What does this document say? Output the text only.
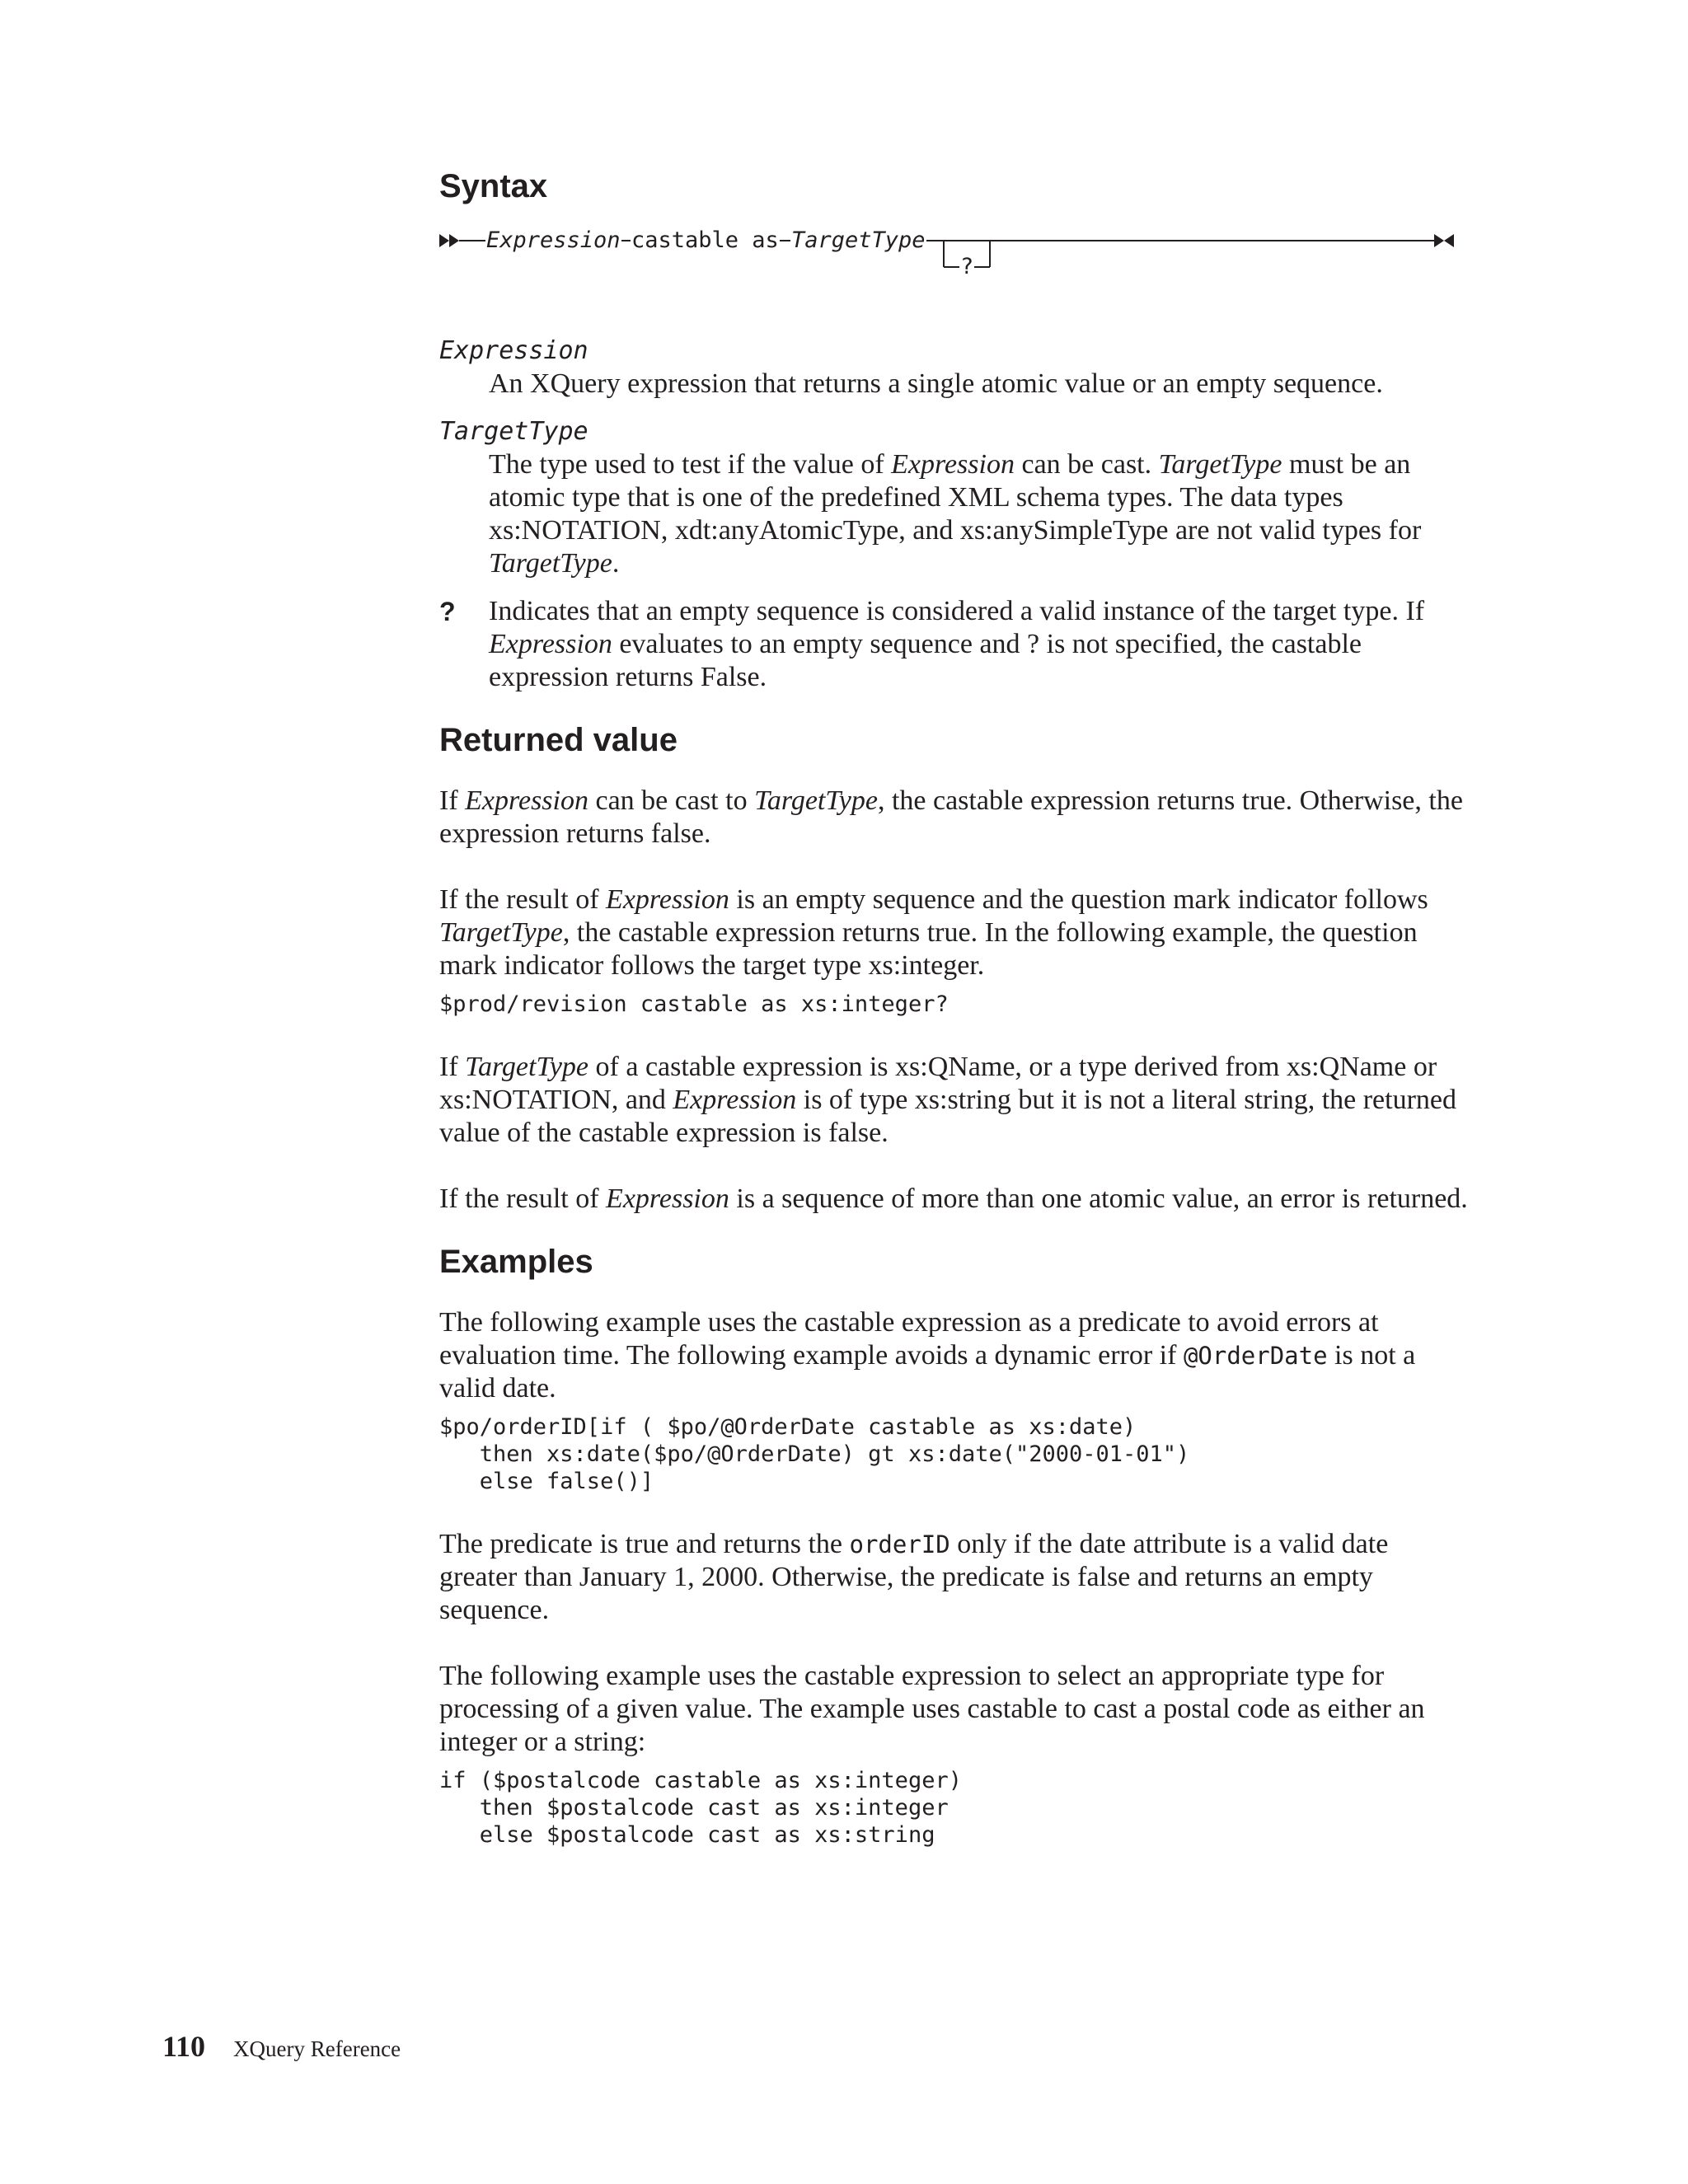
Syntax
Expression castable as TargetType
?
Expression

An XQuery expression that returns a single atomic value or an empty sequence.

TargetType

The type used to test if the value of Expression can be cast. TargetType must be an atomic type that is one of the predefined XML schema types. The data types xs:NOTATION, xdt:anyAtomicType, and xs:anySimpleType are not valid types for TargetType.

?	Indicates that an empty sequence is considered a valid instance of the target type. If Expression evaluates to an empty sequence and ? is not specified, the castable expression returns False.

Returned value

If Expression can be cast to TargetType, the castable expression returns true. Otherwise, the expression returns false.

If the result of Expression is an empty sequence and the question mark indicator follows TargetType, the castable expression returns true. In the following example, the question mark indicator follows the target type xs:integer.

$prod/revision castable as xs:integer?

If TargetType of a castable expression is xs:QName, or a type derived from xs:QName or xs:NOTATION, and Expression is of type xs:string but it is not a literal string, the returned value of the castable expression is false.

If the result of Expression is a sequence of more than one atomic value, an error is returned.

Examples

The following example uses the castable expression as a predicate to avoid errors at evaluation time. The following example avoids a dynamic error if @OrderDate is not a valid date.

$po/orderID[if ( $po/@OrderDate castable as xs:date)
then xs:date($po/@OrderDate) gt xs:date("2000-01-01")
else false()]

The predicate is true and returns the orderID only if the date attribute is a valid date greater than January 1, 2000. Otherwise, the predicate is false and returns an empty sequence.

The following example uses the castable expression to select an appropriate type for processing of a given value. The example uses castable to cast a postal code as either an integer or a string:

if ($postalcode castable as xs:integer)
then $postalcode cast as xs:integer
else $postalcode cast as xs:string
110 XQuery Reference
